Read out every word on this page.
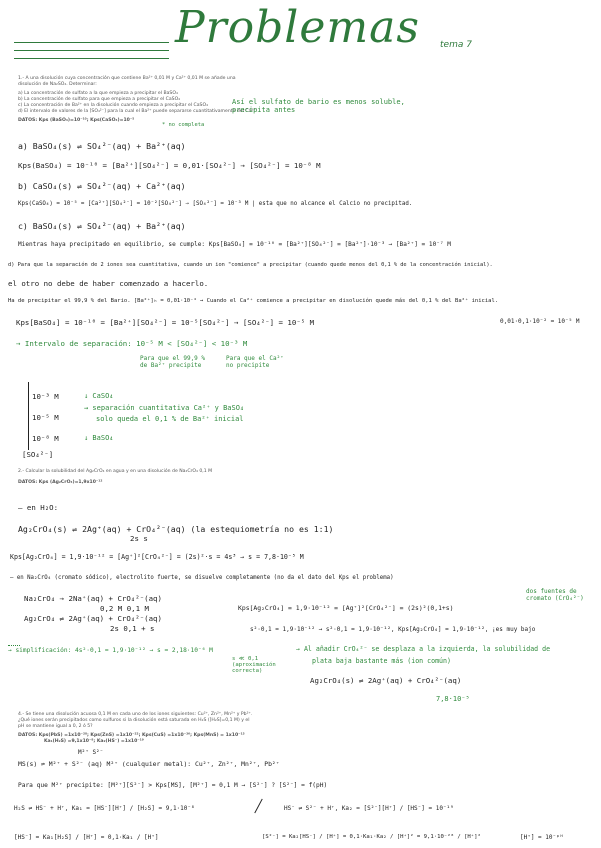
Problemas tema 7
1.- A una disolución cuya concentración que contiene Ba²⁺ 0,01 M y Ca²⁺ 0,01 M se añade una
disolución de Na₂SO₄. Determinar:
a) La concentración de sulfato a la que empieza a precipitar el BaSO₄
b) La concentración de sulfato para que empieza a precipitar el CaSO₄
c) La concentración de Ba²⁺ en la disolución cuando empieza a precipitar el CaSO₄
d) El intervalo de valores de la [SO₄²⁻] para la cual el Ba²⁺ puede separarse cuantitativamente del Ca²⁺
DATOS: Kps (BaSO₄)=10⁻¹⁰; Kps(CaSO₄)=10⁻⁵
Así el sulfato de bario es menos soluble,
precipita antes
* no completa
a) BaSO₄(s) ⇌ SO₄²⁻(aq) + Ba²⁺(aq)
Kps(BaSO₄) = 10⁻¹⁰ = [Ba²⁺][SO₄²⁻] = 0,01·[SO₄²⁻] → [SO₄²⁻] = 10⁻⁸ M
b) CaSO₄(s) ⇌ SO₄²⁻(aq) + Ca²⁺(aq)
Kps(CaSO₄) = 10⁻⁵ = [Ca²⁺][SO₄²⁻] = 10⁻²[SO₄²⁻] → [SO₄²⁻] = 10⁻³ M | esta que no alcance el Calcio no precipitad.
c) BaSO₄(s) ⇌ SO₄²⁻(aq) + Ba²⁺(aq)
Mientras haya precipitado en equilibrio, se cumple: Kps[BaSO₄] = 10⁻¹⁰ = [Ba²⁺][SO₄²⁻] = [Ba²⁺]·10⁻³ → [Ba²⁺] = 10⁻⁷ M
d) Para que la separación de 2 iones sea cuantitativa, cuando un ion "comience" a precipitar (cuando quede menos del 0,1 % de la concentración inicial).
el otro no debe de haber comenzado a hacerlo.
Ha de precipitar el 99,9 % del Bario. [Ba²⁺]ₕ = 0,01·10⁻⁴ → Cuando el Ca²⁺ comience a precipitar en disolución quede más del 0,1 % del Ba²⁺ inicial.
Kps[BaSO₄] = 10⁻¹⁰ = [Ba²⁺][SO₄²⁻] = 10⁻⁵[SO₄²⁻] → [SO₄²⁻] = 10⁻⁵ M	0,01·0,1·10⁻² = 10⁻⁵ M
→ Intervalo de separación: 10⁻⁵ M < [SO₄²⁻] < 10⁻³ M
Para que el 99,9 % de Ba²⁺ precipite
Para que el Ca²⁺ no precipite
10⁻³ M
10⁻⁵ M
10⁻⁸ M
[SO₄²⁻]
↓ CaSO₄
→ separación cuantitativa Ca²⁺ y BaSO₄
solo queda el 0,1 % de Ba²⁺ inicial
↓ BaSO₄
2.- Calcular la solubilidad del Ag₂CrO₄ en agua y en una disolución de Na₂CrO₄ 0,1 M
DATOS: Kps (Ag₂CrO₄)=1,9x10⁻¹²
— en H₂O:
Ag₂CrO₄(s) ⇌ 2Ag⁺(aq) + CrO₄²⁻(aq) (la estequiometría no es 1:1)
2s s
Kps[Ag₂CrO₄] = 1,9·10⁻¹² = [Ag⁺]²[CrO₄²⁻] = (2s)²·s = 4s³ → s = 7,8·10⁻⁵ M
— en Na₂CrO₄ (cromato sódico), electrolito fuerte, se disuelve completamente (no da el dato del Kps el problema)
Na₂CrO₄ → 2Na⁺(aq) + CrO₄²⁻(aq)
0,2 M 0,1 M
Ag₂CrO₄ ⇌ 2Ag⁺(aq) + CrO₄²⁻(aq)
2s 0,1 + s
Kps[Ag₂CrO₄] = 1,9·10⁻¹² = [Ag⁺]²[CrO₄²⁻] = (2s)²(0,1+s)
s²·0,1 = 1,9·10⁻¹² → s²·0,1 = 1,9·10⁻¹², Kps[Ag₂CrO₄] = 1,9·10⁻¹², ¡es muy bajo
dos fuentes de cromato (CrO₄²⁻)
→ simplificación: 4s²·0,1 = 1,9·10⁻¹² → s = 2,18·10⁻⁶ M
s ≪ 0,1 (aproximación correcta)
→ Al añadir CrO₄²⁻ se desplaza a la izquierda, la solubilidad de
plata baja bastante más (ion común)
Ag₂CrO₄(s) ⇌ 2Ag⁺(aq) + CrO₄²⁻(aq)
7,8·10⁻⁵
4.- Se tiene una disolución acuosa 0,1 M en cada uno de los iones siguientes: Cu²⁺, Zn²⁺, Mn²⁺ y Pb²⁺.
¿Qué iones serán precipitados como sulfuros si la disolución está saturada en H₂S ([H₂S]=0,1 M) y el
pH se mantiene igual a 0, 2 ó 5?
DATOS: Kps(PbS) =1x10⁻²⁸; Kps(ZnS) =1x10⁻²²; Kps(CuS) =1x10⁻³⁶; Kps(MnS) = 1x10⁻¹⁵
Ka₁(H₂S) =9,1x10⁻⁸; Ka₂(HS⁻) =1x10⁻¹⁹
M²⁺ S²⁻
MS(s) ⇌ M²⁺ + S²⁻ (aq) M²⁺ (cualquier metal): Cu²⁺, Zn²⁺, Mn²⁺, Pb²⁺
Para que M²⁺ precipite: [M²⁺][S²⁻] > Kps[MS], [M²⁺] = 0,1 M → [S²⁻] ? [S²⁻] = f(pH)
H₂S ⇌ HS⁻ + H⁺, Ka₁ = [HS⁻][H⁺] / [H₂S] = 9,1·10⁻⁸	HS⁻ ⇌ S²⁻ + H⁺, Ka₂ = [S²⁻][H⁺] / [HS⁻] = 10⁻¹⁹
[HS⁻] = Ka₁[H₂S] / [H⁺] = 0,1·Ka₁ / [H⁺]	[S²⁻] = Ka₂[HS⁻] / [H⁺] = 0,1·Ka₁·Ka₂ / [H⁺]² = 9,1·10⁻²⁸ / [H⁺]²	[H⁺] = 10⁻ᵖᴴ
